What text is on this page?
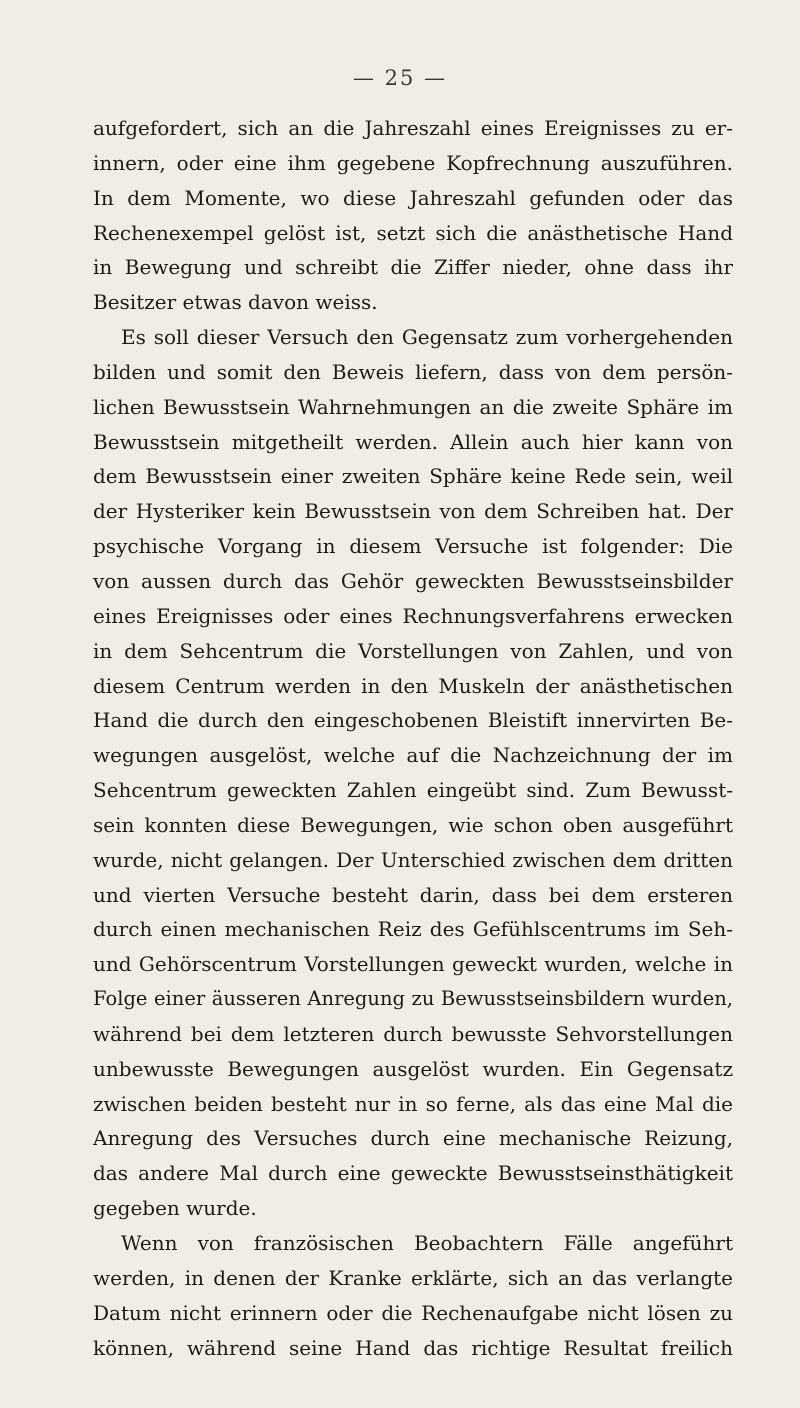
— 25 —
aufgefordert, sich an die Jahreszahl eines Ereignisses zu er-
innern, oder eine ihm gegebene Kopfrechnung auszuführen.
In dem Momente, wo diese Jahreszahl gefunden oder das
Rechenexempel gelöst ist, setzt sich die anästhetische Hand
in Bewegung und schreibt die Ziffer nieder, ohne dass ihr
Besitzer etwas davon weiss.
Es soll dieser Versuch den Gegensatz zum vorhergehenden
bilden und somit den Beweis liefern, dass von dem persön-
lichen Bewusstsein Wahrnehmungen an die zweite Sphäre im
Bewusstsein mitgetheilt werden. Allein auch hier kann von
dem Bewusstsein einer zweiten Sphäre keine Rede sein, weil
der Hysteriker kein Bewusstsein von dem Schreiben hat. Der
psychische Vorgang in diesem Versuche ist folgender: Die
von aussen durch das Gehör geweckten Bewusstseinsbilder
eines Ereignisses oder eines Rechnungsverfahrens erwecken
in dem Sehcentrum die Vorstellungen von Zahlen, und von
diesem Centrum werden in den Muskeln der anästhetischen
Hand die durch den eingeschobenen Bleistift innervirten Be-
wegungen ausgelöst, welche auf die Nachzeichnung der im
Sehcentrum geweckten Zahlen eingeübt sind. Zum Bewusst-
sein konnten diese Bewegungen, wie schon oben ausgeführt
wurde, nicht gelangen. Der Unterschied zwischen dem dritten
und vierten Versuche besteht darin, dass bei dem ersteren
durch einen mechanischen Reiz des Gefühlscentrums im Seh-
und Gehörscentrum Vorstellungen geweckt wurden, welche in
Folge einer äusseren Anregung zu Bewusstseinsbildern wurden,
während bei dem letzteren durch bewusste Sehvorstellungen
unbewusste Bewegungen ausgelöst wurden. Ein Gegensatz
zwischen beiden besteht nur in so ferne, als das eine Mal die
Anregung des Versuches durch eine mechanische Reizung,
das andere Mal durch eine geweckte Bewusstseinsthätigkeit
gegeben wurde.
Wenn von französischen Beobachtern Fälle angeführt
werden, in denen der Kranke erklärte, sich an das verlangte
Datum nicht erinnern oder die Rechenaufgabe nicht lösen zu
können, während seine Hand das richtige Resultat freilich
